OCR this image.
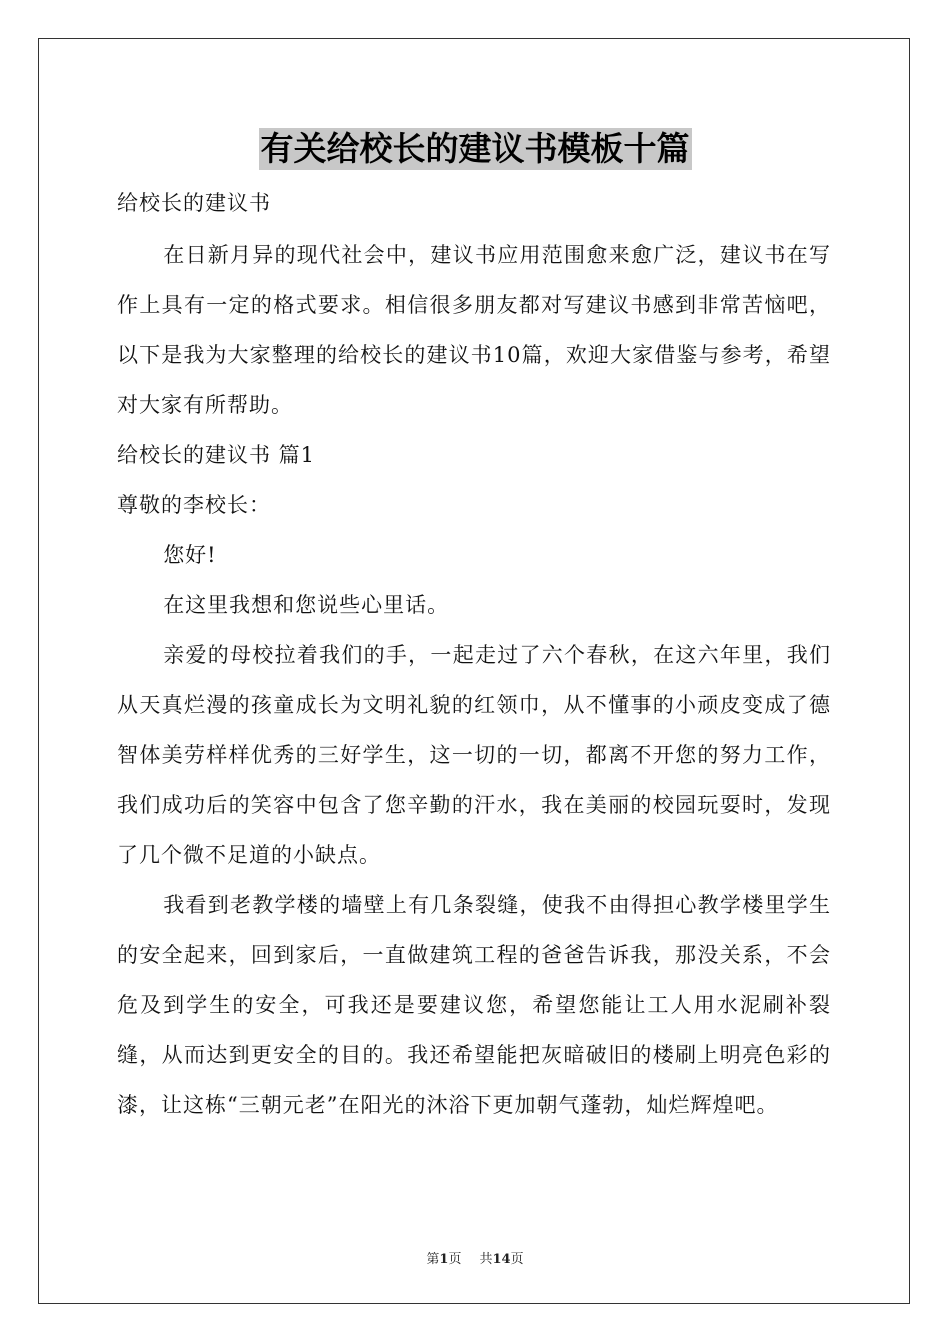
有关给校长的建议书模板十篇

给校长的建议书

在日新月异的现代社会中，建议书应用范围愈来愈广泛，建议书在写作上具有一定的格式要求。相信很多朋友都对写建议书感到非常苦恼吧，以下是我为大家整理的给校长的建议书10篇，欢迎大家借鉴与参考，希望对大家有所帮助。

给校长的建议书 篇1

尊敬的李校长：

您好!

在这里我想和您说些心里话。

亲爱的母校拉着我们的手，一起走过了六个春秋，在这六年里，我们从天真烂漫的孩童成长为文明礼貌的红领巾，从不懂事的小顽皮变成了德智体美劳样样优秀的三好学生，这一切的一切，都离不开您的努力工作，我们成功后的笑容中包含了您辛勤的汗水，我在美丽的校园玩耍时，发现了几个微不足道的小缺点。

我看到老教学楼的墙壁上有几条裂缝，使我不由得担心教学楼里学生的安全起来，回到家后，一直做建筑工程的爸爸告诉我，那没关系，不会危及到学生的安全，可我还是要建议您，希望您能让工人用水泥刷补裂缝，从而达到更安全的目的。我还希望能把灰暗破旧的楼刷上明亮色彩的漆，让这栋“三朝元老”在阳光的沐浴下更加朝气蓬勃，灿烂辉煌吧。

第1页 共14页
